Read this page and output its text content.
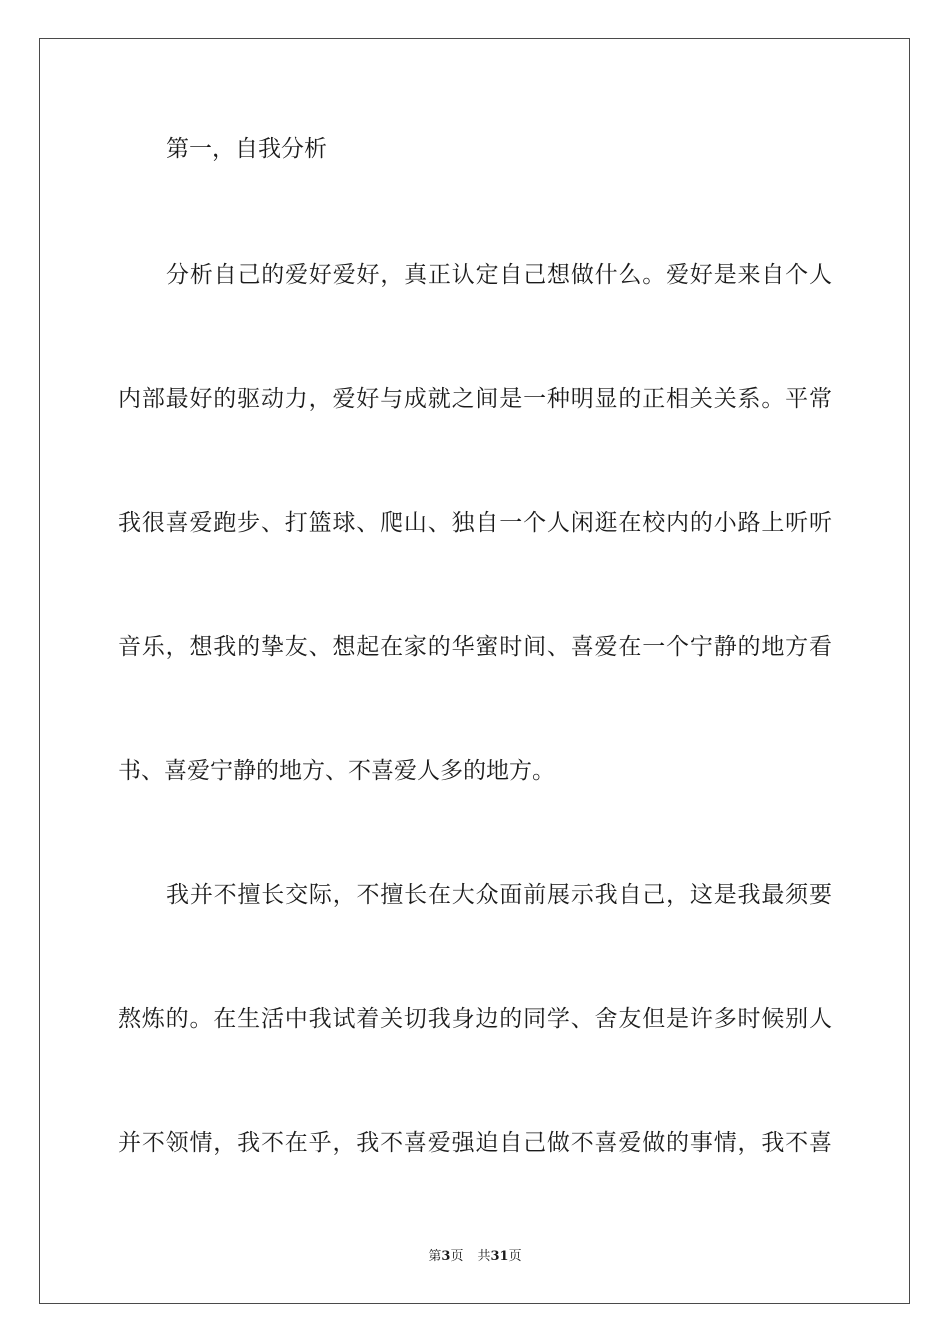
第一，自我分析
分析自己的爱好爱好，真正认定自己想做什么。爱好是来自个人
内部最好的驱动力，爱好与成就之间是一种明显的正相关关系。平常
我很喜爱跑步、打篮球、爬山、独自一个人闲逛在校内的小路上听听
音乐，想我的挚友、想起在家的华蜜时间、喜爱在一个宁静的地方看
书、喜爱宁静的地方、不喜爱人多的地方。
我并不擅长交际，不擅长在大众面前展示我自己，这是我最须要
熬炼的。在生活中我试着关切我身边的同学、舍友但是许多时候别人
并不领情，我不在乎，我不喜爱强迫自己做不喜爱做的事情，我不喜
第3页 共31页
